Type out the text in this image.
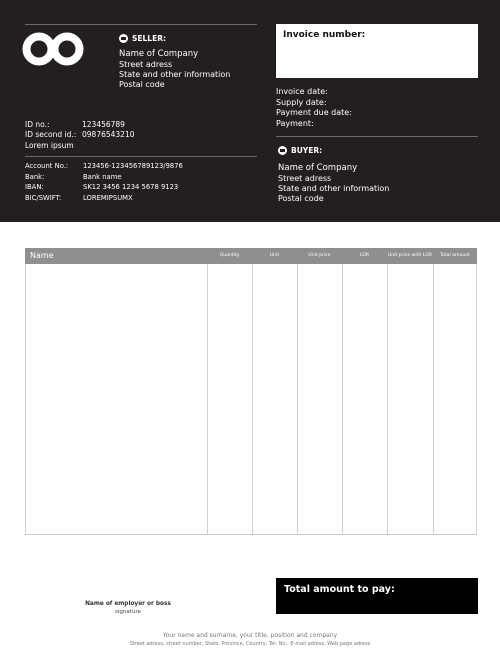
SELLER:
Name of Company
Street adress
State and other information
Postal code
ID no.:	123456789
ID second id.: 09876543210
Lorem ipsum
Account No.:	123456-123456789123/9876
Bank:	Bank name
IBAN:	SK12 3456 1234 5678 9123
BIC/SWIFT:	LOREMIPSUMX
Invoice number:
Invoice date:
Supply date:
Payment due date:
Payment:
BUYER:
Name of Company
Street adress
State and other information
Postal code
Name	Quantity	Unit	Unit price	LOR	Unit price with LOR	Total amount
Total amount to pay:
Name of employer or boss
signature
Your name and surname, your title, position and company
Street adress, street number, State, Province, Country, Tel. No.: E-mail adress, Web page adress
